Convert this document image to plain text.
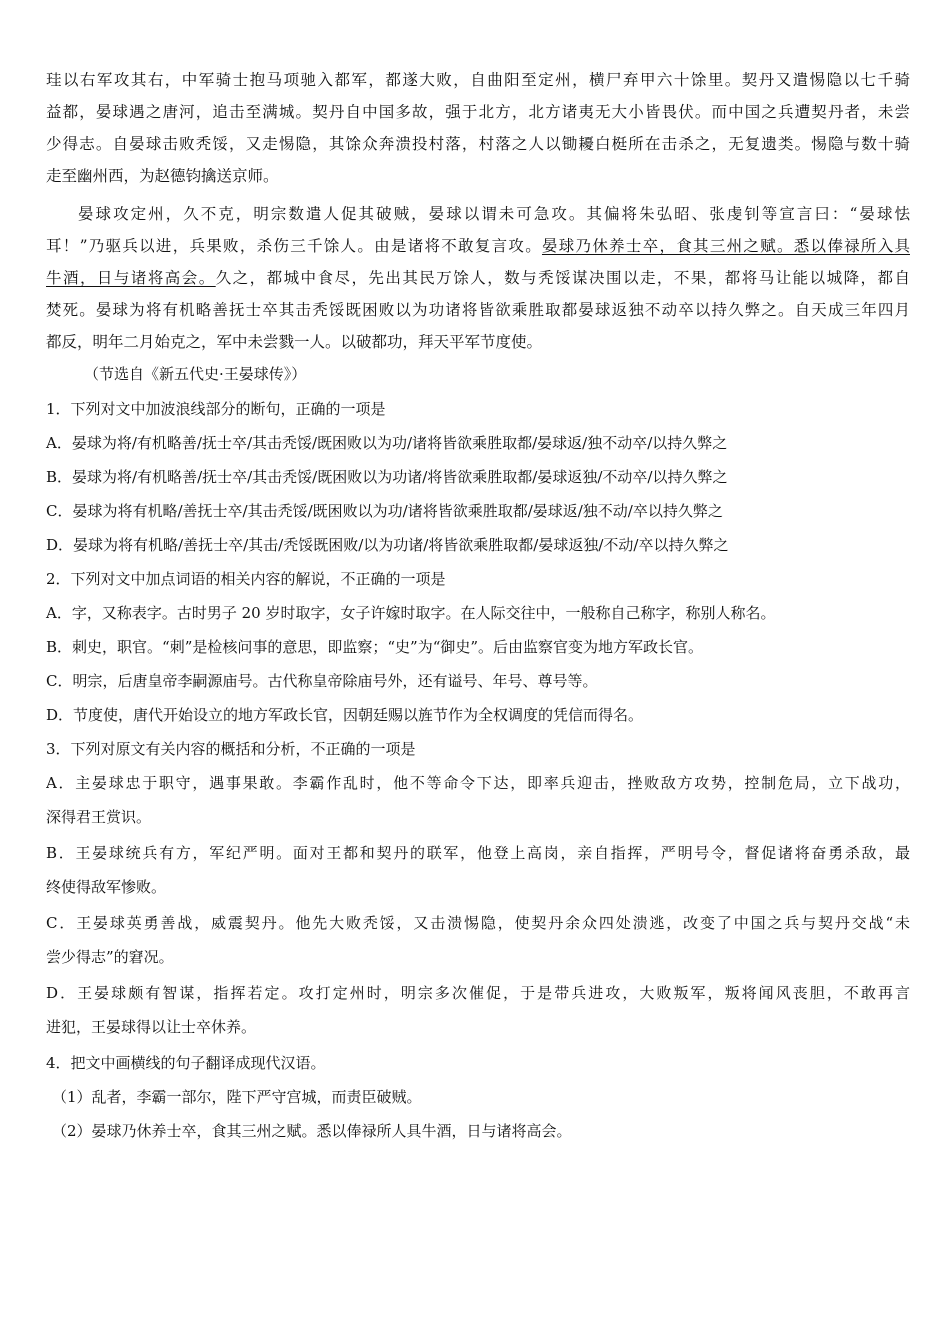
珪以右军攻其右，中军骑士抱马项驰入都军，都遂大败，自曲阳至定州，横尸弃甲六十馀里。契丹又遣惕隐以七千骑
益都，晏球遇之唐河，追击至满城。契丹自中国多故，强于北方，北方诸夷无大小皆畏伏。而中国之兵遭契丹者，未尝
少得志。自晏球击败秃馁，又走惕隐，其馀众奔溃投村落，村落之人以锄耰白梃所在击杀之，无复遗类。惕隐与数十骑
走至幽州西，为赵德钧擒送京师。
晏球攻定州，久不克，明宗数遣人促其破贼，晏球以谓未可急攻。其偏将朱弘昭、张虔钊等宣言曰：“晏球怯
耳！”乃驱兵以进，兵果败，杀伤三千馀人。由是诸将不敢复言攻。晏球乃休养士卒，食其三州之赋。悉以俸禄所入具
牛酒，日与诸将高会。久之，都城中食尽，先出其民万馀人，数与秃馁谋决围以走，不果，都将马让能以城降，都自
焚死。晏球为将有机略善抚士卒其击秃馁既困败以为功诸将皆欲乘胜取都晏球返独不动卒以持久弊之。自天成三年四月
都反，明年二月始克之，军中未尝戮一人。以破都功，拜天平军节度使。
（节选自《新五代史·王晏球传》）
1．下列对文中加波浪线部分的断句，正确的一项是
A．晏球为将/有机略善/抚士卒/其击秃馁/既困败以为功/诸将皆欲乘胜取都/晏球返/独不动卒/以持久弊之
B．晏球为将/有机略善/抚士卒/其击秃馁/既困败以为功诸/将皆欲乘胜取都/晏球返独/不动卒/以持久弊之
C．晏球为将有机略/善抚士卒/其击秃馁/既困败以为功/诸将皆欲乘胜取都/晏球返/独不动/卒以持久弊之
D．晏球为将有机略/善抚士卒/其击/秃馁既困败/以为功诸/将皆欲乘胜取都/晏球返独/不动/卒以持久弊之
2．下列对文中加点词语的相关内容的解说，不正确的一项是
A．字，又称表字。古时男子 20 岁时取字，女子许嫁时取字。在人际交往中，一般称自己称字，称别人称名。
B．刺史，职官。“刺”是检核问事的意思，即监察；“史”为“御史”。后由监察官变为地方军政长官。
C．明宗，后唐皇帝李嗣源庙号。古代称皇帝除庙号外，还有谥号、年号、尊号等。
D．节度使，唐代开始设立的地方军政长官，因朝廷赐以旌节作为全权调度的凭信而得名。
3．下列对原文有关内容的概括和分析，不正确的一项是
A．主晏球忠于职守，遇事果敢。李霸作乱时，他不等命令下达，即率兵迎击，挫败敌方攻势，控制危局，立下战功，
深得君王赏识。
B．王晏球统兵有方，军纪严明。面对王都和契丹的联军，他登上高岗，亲自指挥，严明号令，督促诸将奋勇杀敌，最
终使得敌军惨败。
C．王晏球英勇善战，威震契丹。他先大败秃馁，又击溃惕隐，使契丹余众四处溃逃，改变了中国之兵与契丹交战“未
尝少得志”的窘况。
D．王晏球颇有智谋，指挥若定。攻打定州时，明宗多次催促，于是带兵进攻，大败叛军，叛将闻风丧胆，不敢再言
进犯，王晏球得以让士卒休养。
4．把文中画横线的句子翻译成现代汉语。
（1）乱者，李霸一部尔，陛下严守宫城，而责臣破贼。
（2）晏球乃休养士卒，食其三州之赋。悉以俸禄所人具牛酒，日与诸将高会。
